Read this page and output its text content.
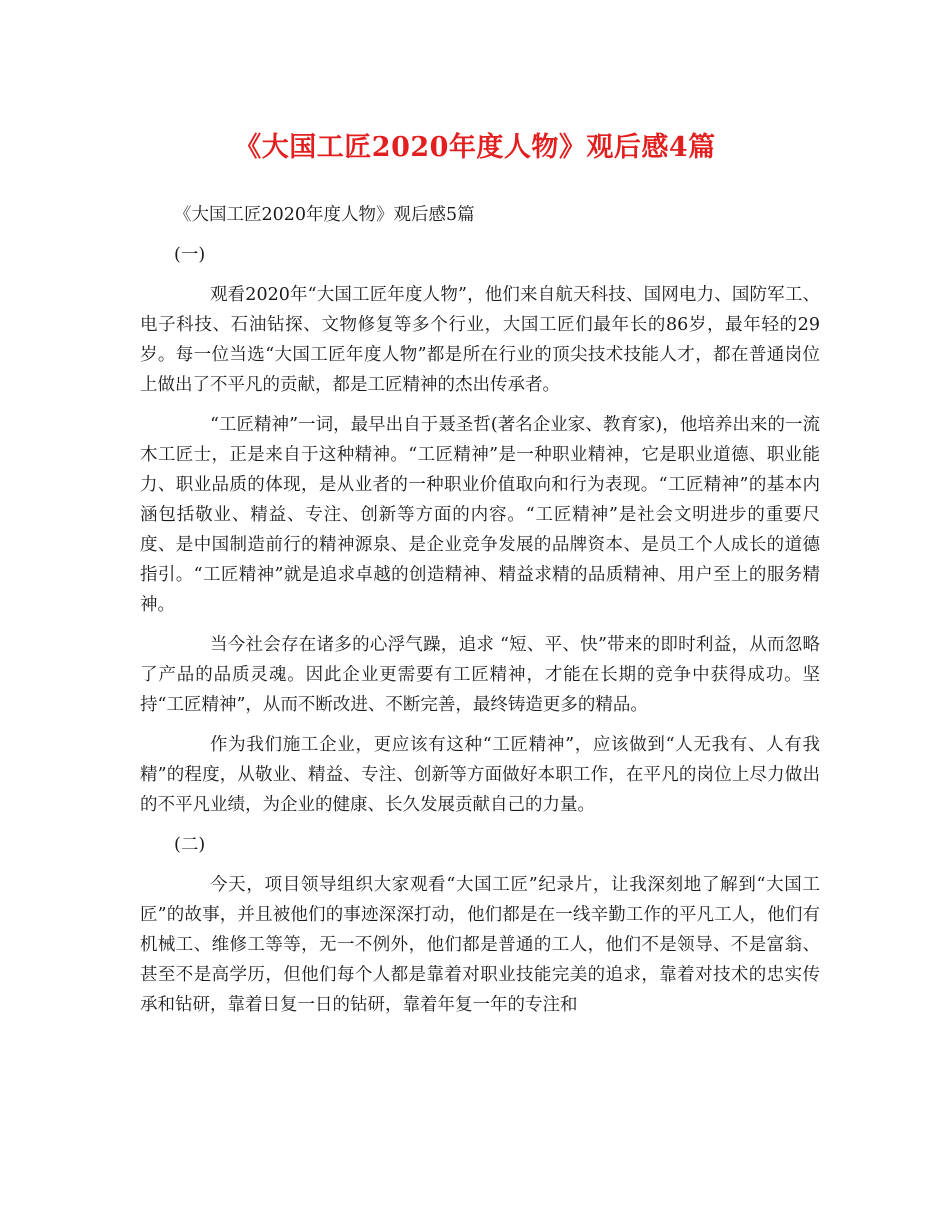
《大国工匠2020年度人物》观后感4篇
《大国工匠2020年度人物》观后感5篇
(一)

观看2020年“大国工匠年度人物”，他们来自航天科技、国网电力、国防军工、电子科技、石油钻探、文物修复等多个行业，大国工匠们最年长的86岁，最年轻的29岁。每一位当选“大国工匠年度人物”都是所在行业的顶尖技术技能人才，都在普通岗位上做出了不平凡的贡献，都是工匠精神的杰出传承者。

“工匠精神”一词，最早出自于聂圣哲(著名企业家、教育家)，他培养出来的一流木工匠士，正是来自于这种精神。“工匠精神”是一种职业精神，它是职业道德、职业能力、职业品质的体现，是从业者的一种职业价值取向和行为表现。“工匠精神”的基本内涵包括敬业、精益、专注、创新等方面的内容。“工匠精神”是社会文明进步的重要尺度、是中国制造前行的精神源泉、是企业竞争发展的品牌资本、是员工个人成长的道德指引。“工匠精神”就是追求卓越的创造精神、精益求精的品质精神、用户至上的服务精神。

当今社会存在诸多的心浮气躁，追求 “短、平、快”带来的即时利益，从而忽略了产品的品质灵魂。因此企业更需要有工匠精神，才能在长期的竞争中获得成功。坚持“工匠精神”，从而不断改进、不断完善，最终铸造更多的精品。

作为我们施工企业，更应该有这种“工匠精神”，应该做到“人无我有、人有我精”的程度，从敬业、精益、专注、创新等方面做好本职工作，在平凡的岗位上尽力做出的不平凡业绩，为企业的健康、长久发展贡献自己的力量。

(二)

今天，项目领导组织大家观看“大国工匠”纪录片，让我深刻地了解到“大国工匠”的故事，并且被他们的事迹深深打动，他们都是在一线辛勤工作的平凡工人，他们有机械工、维修工等等，无一不例外，他们都是普通的工人，他们不是领导、不是富翁、甚至不是高学历，但他们每个人都是靠着对职业技能完美的追求，靠着对技术的忠实传承和钻研，靠着日复一日的钻研，靠着年复一年的专注和
